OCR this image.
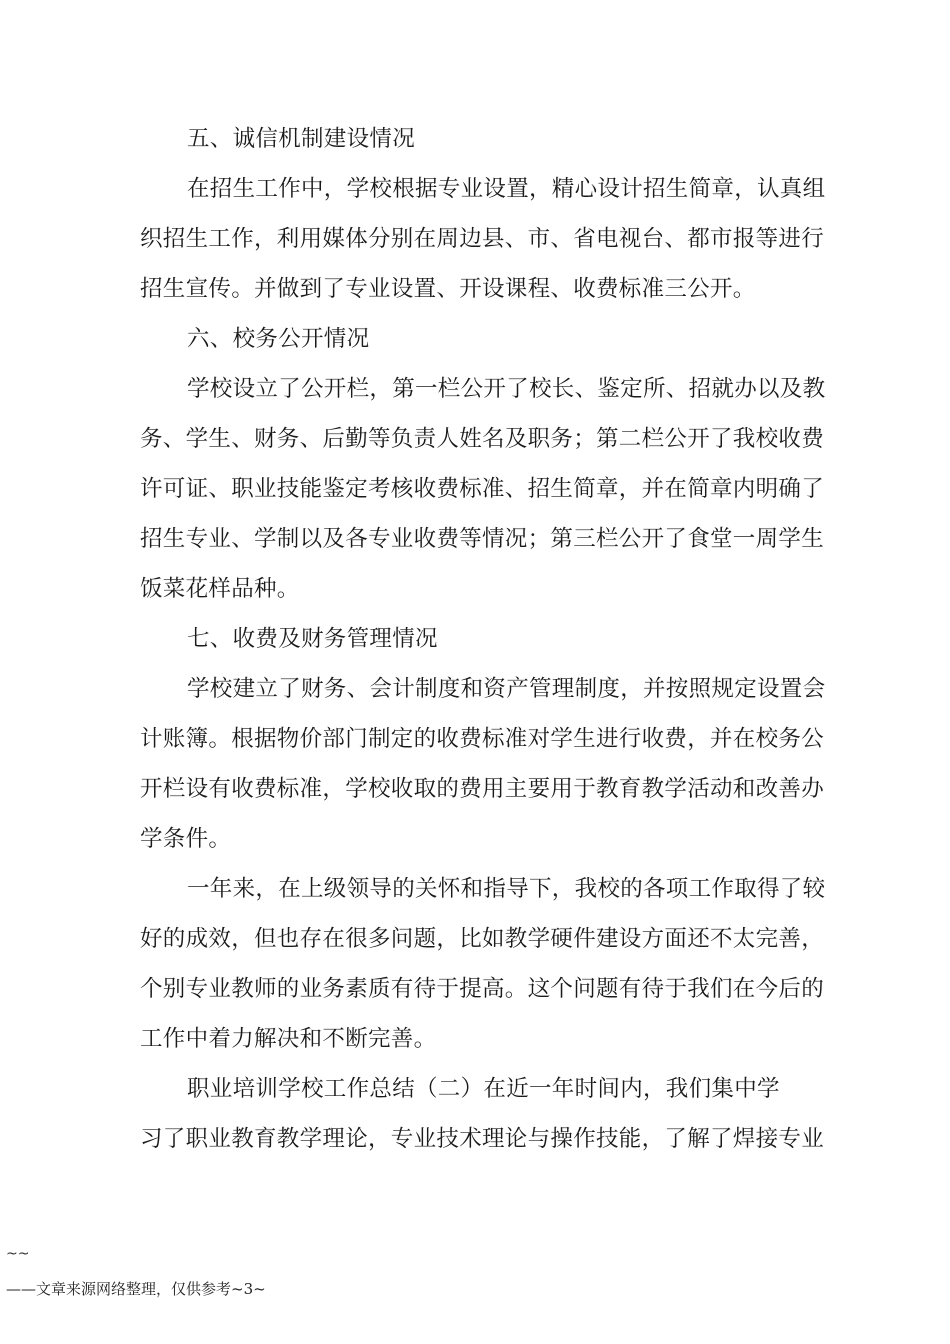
五、诚信机制建设情况
在招生工作中，学校根据专业设置，精心设计招生简章，认真组
织招生工作，利用媒体分别在周边县、市、省电视台、都市报等进行
招生宣传。并做到了专业设置、开设课程、收费标准三公开。
六、校务公开情况
学校设立了公开栏，第一栏公开了校长、鉴定所、招就办以及教
务、学生、财务、后勤等负责人姓名及职务；第二栏公开了我校收费
许可证、职业技能鉴定考核收费标准、招生简章，并在简章内明确了
招生专业、学制以及各专业收费等情况；第三栏公开了食堂一周学生
饭菜花样品种。
七、收费及财务管理情况
学校建立了财务、会计制度和资产管理制度，并按照规定设置会
计账簿。根据物价部门制定的收费标准对学生进行收费，并在校务公
开栏设有收费标准，学校收取的费用主要用于教育教学活动和改善办
学条件。
一年来，在上级领导的关怀和指导下，我校的各项工作取得了较
好的成效，但也存在很多问题，比如教学硬件建设方面还不太完善，
个别专业教师的业务素质有待于提高。这个问题有待于我们在今后的
工作中着力解决和不断完善。
职业培训学校工作总结（二）在近一年时间内，我们集中学
习了职业教育教学理论，专业技术理论与操作技能，了解了焊接专业
~~
——文章来源网络整理，仅供参考~3~
